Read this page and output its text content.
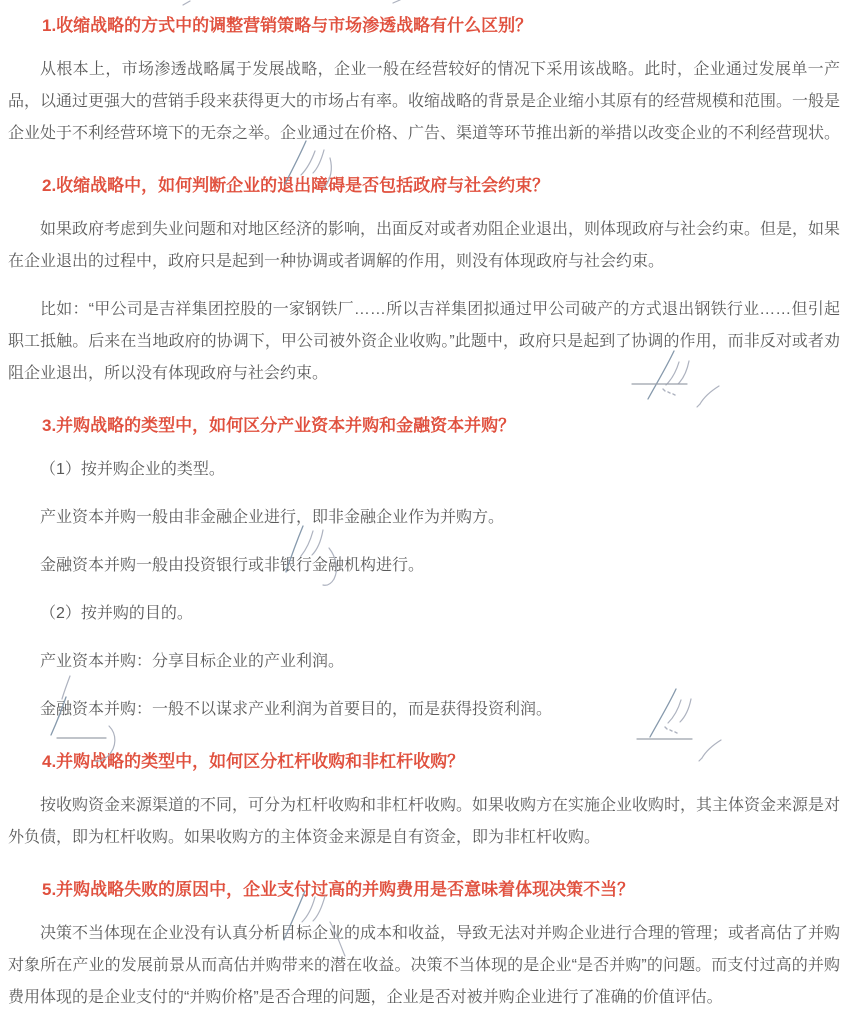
1.收缩战略的方式中的调整营销策略与市场渗透战略有什么区别？

从根本上，市场渗透战略属于发展战略，企业一般在经营较好的情况下采用该战略。此时，企业通过发展单一产品，以通过更强大的营销手段来获得更大的市场占有率。收缩战略的背景是企业缩小其原有的经营规模和范围。一般是企业处于不利经营环境下的无奈之举。企业通过在价格、广告、渠道等环节推出新的举措以改变企业的不利经营现状。

2.收缩战略中，如何判断企业的退出障碍是否包括政府与社会约束？

如果政府考虑到失业问题和对地区经济的影响，出面反对或者劝阻企业退出，则体现政府与社会约束。但是，如果在企业退出的过程中，政府只是起到一种协调或者调解的作用，则没有体现政府与社会约束。

比如：“甲公司是吉祥集团控股的一家钢铁厂……所以吉祥集团拟通过甲公司破产的方式退出钢铁行业……但引起职工抵触。后来在当地政府的协调下，甲公司被外资企业收购。”此题中，政府只是起到了协调的作用，而非反对或者劝阻企业退出，所以没有体现政府与社会约束。

3.并购战略的类型中，如何区分产业资本并购和金融资本并购？

（1）按并购企业的类型。

产业资本并购一般由非金融企业进行，即非金融企业作为并购方。

金融资本并购一般由投资银行或非银行金融机构进行。

（2）按并购的目的。

产业资本并购：分享目标企业的产业利润。

金融资本并购：一般不以谋求产业利润为首要目的，而是获得投资利润。

4.并购战略的类型中，如何区分杠杆收购和非杠杆收购？

按收购资金来源渠道的不同，可分为杠杆收购和非杠杆收购。如果收购方在实施企业收购时，其主体资金来源是对外负债，即为杠杆收购。如果收购方的主体资金来源是自有资金，即为非杠杆收购。

5.并购战略失败的原因中，企业支付过高的并购费用是否意味着体现决策不当？

决策不当体现在企业没有认真分析目标企业的成本和收益，导致无法对并购企业进行合理的管理；或者高估了并购对象所在产业的发展前景从而高估并购带来的潜在收益。决策不当体现的是企业“是否并购”的问题。而支付过高的并购费用体现的是企业支付的“并购价格”是否合理的问题，企业是否对被并购企业进行了准确的价值评估。
